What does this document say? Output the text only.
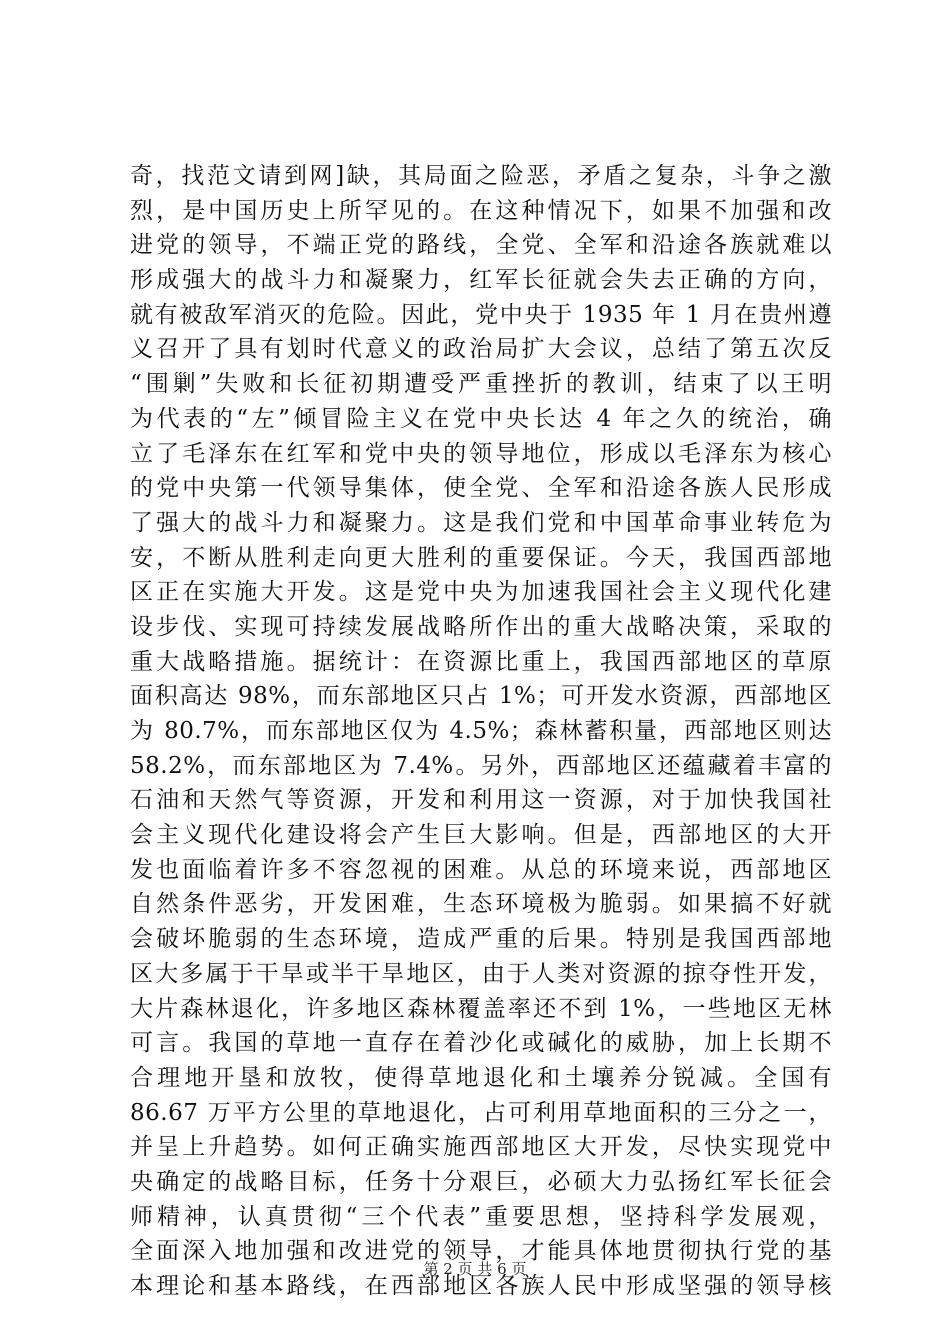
奇，找范文请到网]缺，其局面之险恶，矛盾之复杂，斗争之激
烈，是中国历史上所罕见的。在这种情况下，如果不加强和改
进党的领导，不端正党的路线，全党、全军和沿途各族就难以
形成强大的战斗力和凝聚力，红军长征就会失去正确的方向，
就有被敌军消灭的危险。因此，党中央于 1935 年 1 月在贵州遵
义召开了具有划时代意义的政治局扩大会议，总结了第五次反
“围剿”失败和长征初期遭受严重挫折的教训，结束了以王明
为代表的“左”倾冒险主义在党中央长达 4 年之久的统治，确
立了毛泽东在红军和党中央的领导地位，形成以毛泽东为核心
的党中央第一代领导集体，使全党、全军和沿途各族人民形成
了强大的战斗力和凝聚力。这是我们党和中国革命事业转危为
安，不断从胜利走向更大胜利的重要保证。今天，我国西部地
区正在实施大开发。这是党中央为加速我国社会主义现代化建
设步伐、实现可持续发展战略所作出的重大战略决策，采取的
重大战略措施。据统计：在资源比重上，我国西部地区的草原
面积高达 98%，而东部地区只占 1%；可开发水资源，西部地区
为 80.7%，而东部地区仅为 4.5%；森林蓄积量，西部地区则达
58.2%，而东部地区为 7.4%。另外，西部地区还蕴藏着丰富的
石油和天然气等资源，开发和利用这一资源，对于加快我国社
会主义现代化建设将会产生巨大影响。但是，西部地区的大开
发也面临着许多不容忽视的困难。从总的环境来说，西部地区
自然条件恶劣，开发困难，生态环境极为脆弱。如果搞不好就
会破坏脆弱的生态环境，造成严重的后果。特别是我国西部地
区大多属于干旱或半干旱地区，由于人类对资源的掠夺性开发，
大片森林退化，许多地区森林覆盖率还不到 1%，一些地区无林
可言。我国的草地一直存在着沙化或碱化的威胁，加上长期不
合理地开垦和放牧，使得草地退化和土壤养分锐减。全国有
86.67 万平方公里的草地退化，占可利用草地面积的三分之一，
并呈上升趋势。如何正确实施西部地区大开发，尽快实现党中
央确定的战略目标，任务十分艰巨，必硕大力弘扬红军长征会
师精神，认真贯彻“三个代表”重要思想，坚持科学发展观，
全面深入地加强和改进党的领导，才能具体地贯彻执行党的基
本理论和基本路线，在西部地区各族人民中形成坚强的领导核
第 2 页 共 6 页
